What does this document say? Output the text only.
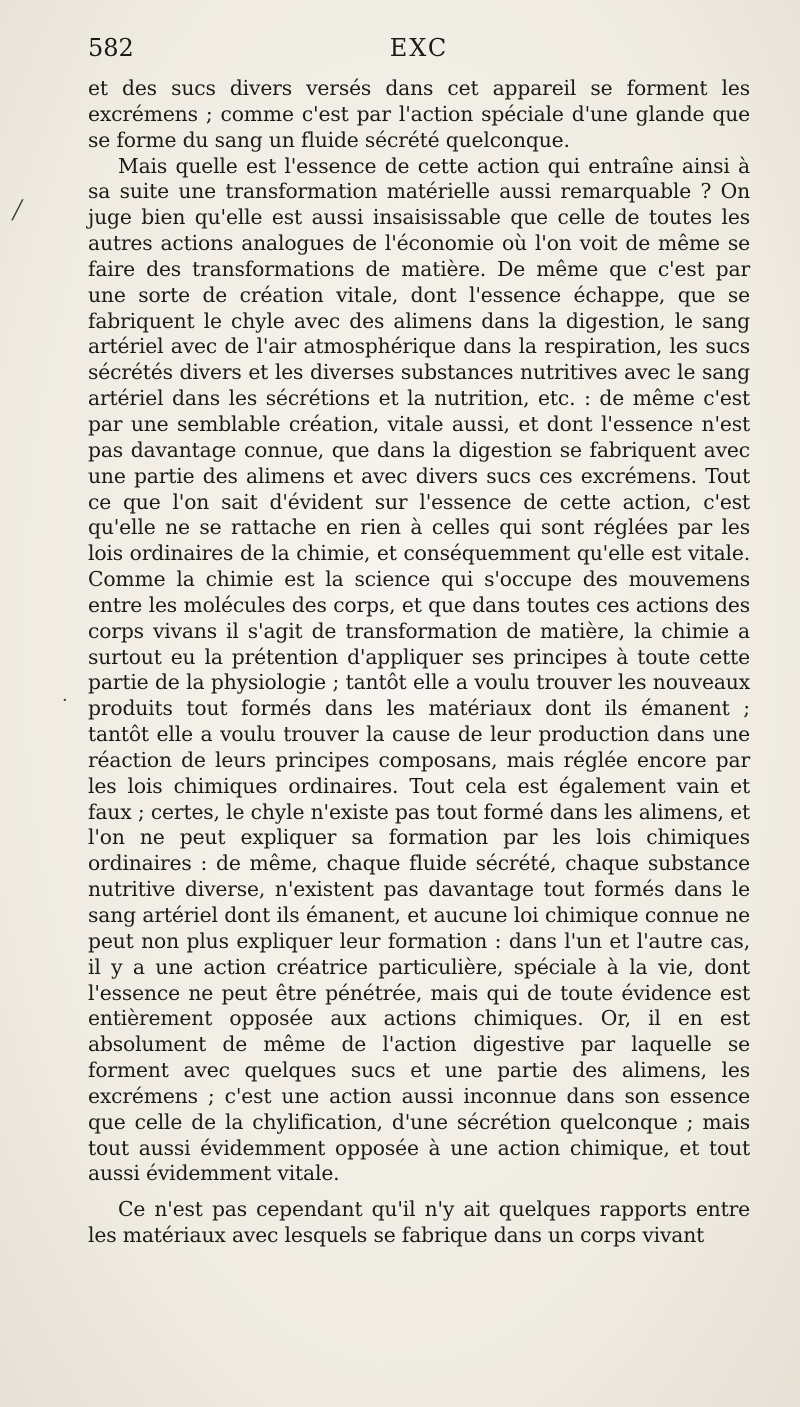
582	EXC
╱
·

et des sucs divers versés dans cet appareil se forment les excrémens ; comme c'est par l'action spéciale d'une glande que se forme du sang un fluide sécrété quelconque.

Mais quelle est l'essence de cette action qui entraîne ainsi à sa suite une transformation matérielle aussi remarquable ? On juge bien qu'elle est aussi insaisissable que celle de toutes les autres actions analogues de l'économie où l'on voit de même se faire des transformations de matière. De même que c'est par une sorte de création vitale, dont l'essence échappe, que se fabriquent le chyle avec des alimens dans la digestion, le sang artériel avec de l'air atmosphérique dans la respiration, les sucs sécrétés divers et les diverses substances nutritives avec le sang artériel dans les sécrétions et la nutrition, etc. : de même c'est par une semblable création, vitale aussi, et dont l'essence n'est pas davantage connue, que dans la digestion se fabriquent avec une partie des alimens et avec divers sucs ces excrémens. Tout ce que l'on sait d'évident sur l'essence de cette action, c'est qu'elle ne se rattache en rien à celles qui sont réglées par les lois ordinaires de la chimie, et conséquemment qu'elle est vitale. Comme la chimie est la science qui s'occupe des mouvemens entre les molécules des corps, et que dans toutes ces actions des corps vivans il s'agit de transformation de matière, la chimie a surtout eu la prétention d'appliquer ses principes à toute cette partie de la physiologie ; tantôt elle a voulu trouver les nouveaux produits tout formés dans les matériaux dont ils émanent ; tantôt elle a voulu trouver la cause de leur production dans une réaction de leurs principes composans, mais réglée encore par les lois chimiques ordinaires. Tout cela est également vain et faux ; certes, le chyle n'existe pas tout formé dans les alimens, et l'on ne peut expliquer sa formation par les lois chimiques ordinaires : de même, chaque fluide sécrété, chaque substance nutritive diverse, n'existent pas davantage tout formés dans le sang artériel dont ils émanent, et aucune loi chimique connue ne peut non plus expliquer leur formation : dans l'un et l'autre cas, il y a une action créatrice particulière, spéciale à la vie, dont l'essence ne peut être pénétrée, mais qui de toute évidence est entièrement opposée aux actions chimiques. Or, il en est absolument de même de l'action digestive par laquelle se forment avec quelques sucs et une partie des alimens, les excrémens ; c'est une action aussi inconnue dans son essence que celle de la chylification, d'une sécrétion quelconque ; mais tout aussi évidemment opposée à une action chimique, et tout aussi évidemment vitale.

Ce n'est pas cependant qu'il n'y ait quelques rapports entre les matériaux avec lesquels se fabrique dans un corps vivant
